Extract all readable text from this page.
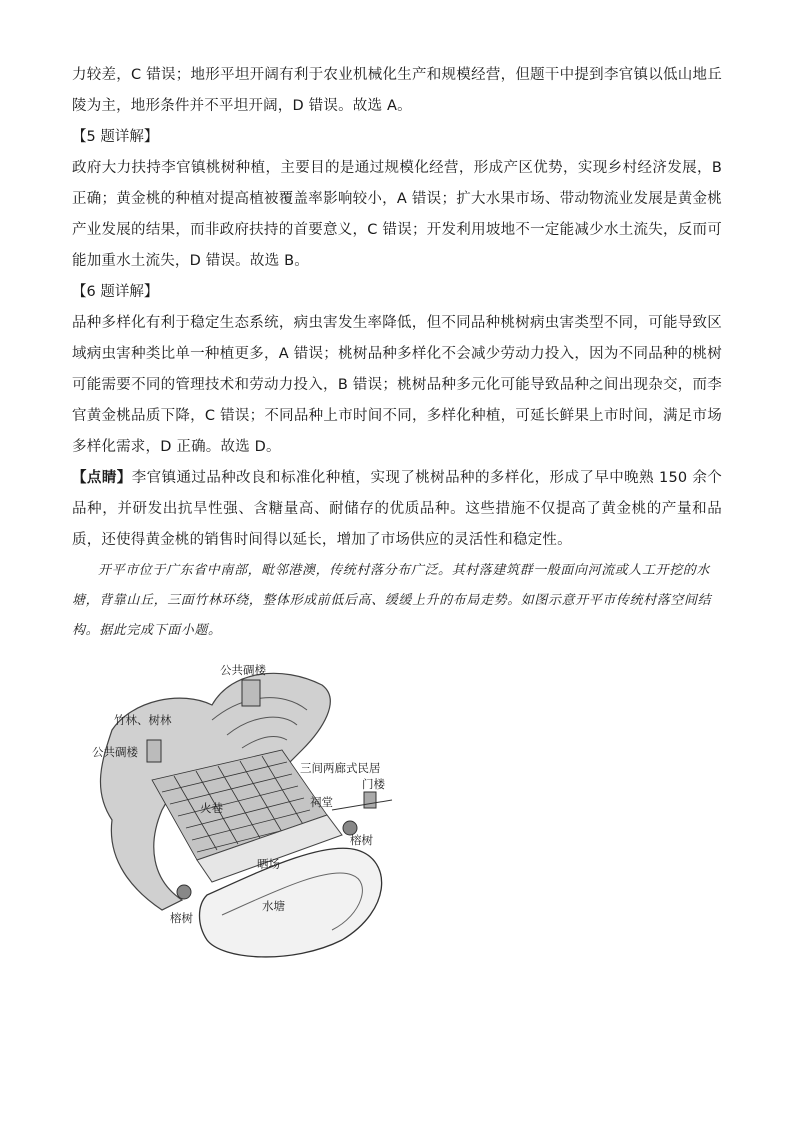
力较差，C 错误；地形平坦开阔有利于农业机械化生产和规模经营，但题干中提到李官镇以低山地丘陵为主，地形条件并不平坦开阔，D 错误。故选 A。

【5 题详解】

政府大力扶持李官镇桃树种植，主要目的是通过规模化经营，形成产区优势，实现乡村经济发展，B 正确；黄金桃的种植对提高植被覆盖率影响较小，A 错误；扩大水果市场、带动物流业发展是黄金桃产业发展的结果，而非政府扶持的首要意义，C 错误；开发利用坡地不一定能减少水土流失，反而可能加重水土流失，D 错误。故选 B。

【6 题详解】

品种多样化有利于稳定生态系统，病虫害发生率降低，但不同品种桃树病虫害类型不同，可能导致区域病虫害种类比单一种植更多，A 错误；桃树品种多样化不会减少劳动力投入，因为不同品种的桃树可能需要不同的管理技术和劳动力投入，B 错误；桃树品种多元化可能导致品种之间出现杂交，而李官黄金桃品质下降，C 错误；不同品种上市时间不同，多样化种植，可延长鲜果上市时间，满足市场多样化需求，D 正确。故选 D。

【点睛】李官镇通过品种改良和标准化种植，实现了桃树品种的多样化，形成了早中晚熟 150 余个品种，并研发出抗旱性强、含糖量高、耐储存的优质品种。这些措施不仅提高了黄金桃的产量和品质，还使得黄金桃的销售时间得以延长，增加了市场供应的灵活性和稳定性。

开平市位于广东省中南部，毗邻港澳，传统村落分布广泛。其村落建筑群一般面向河流或人工开挖的水塘，背靠山丘，三面竹林环绕，整体形成前低后高、缓缓上升的布局走势。如图示意开平市传统村落空间结构。据此完成下面小题。

公共碉楼
竹林、树林
公共碉楼
三间两廊式民居
门楼
祠堂
火巷
榕树
晒场
水塘
榕树
